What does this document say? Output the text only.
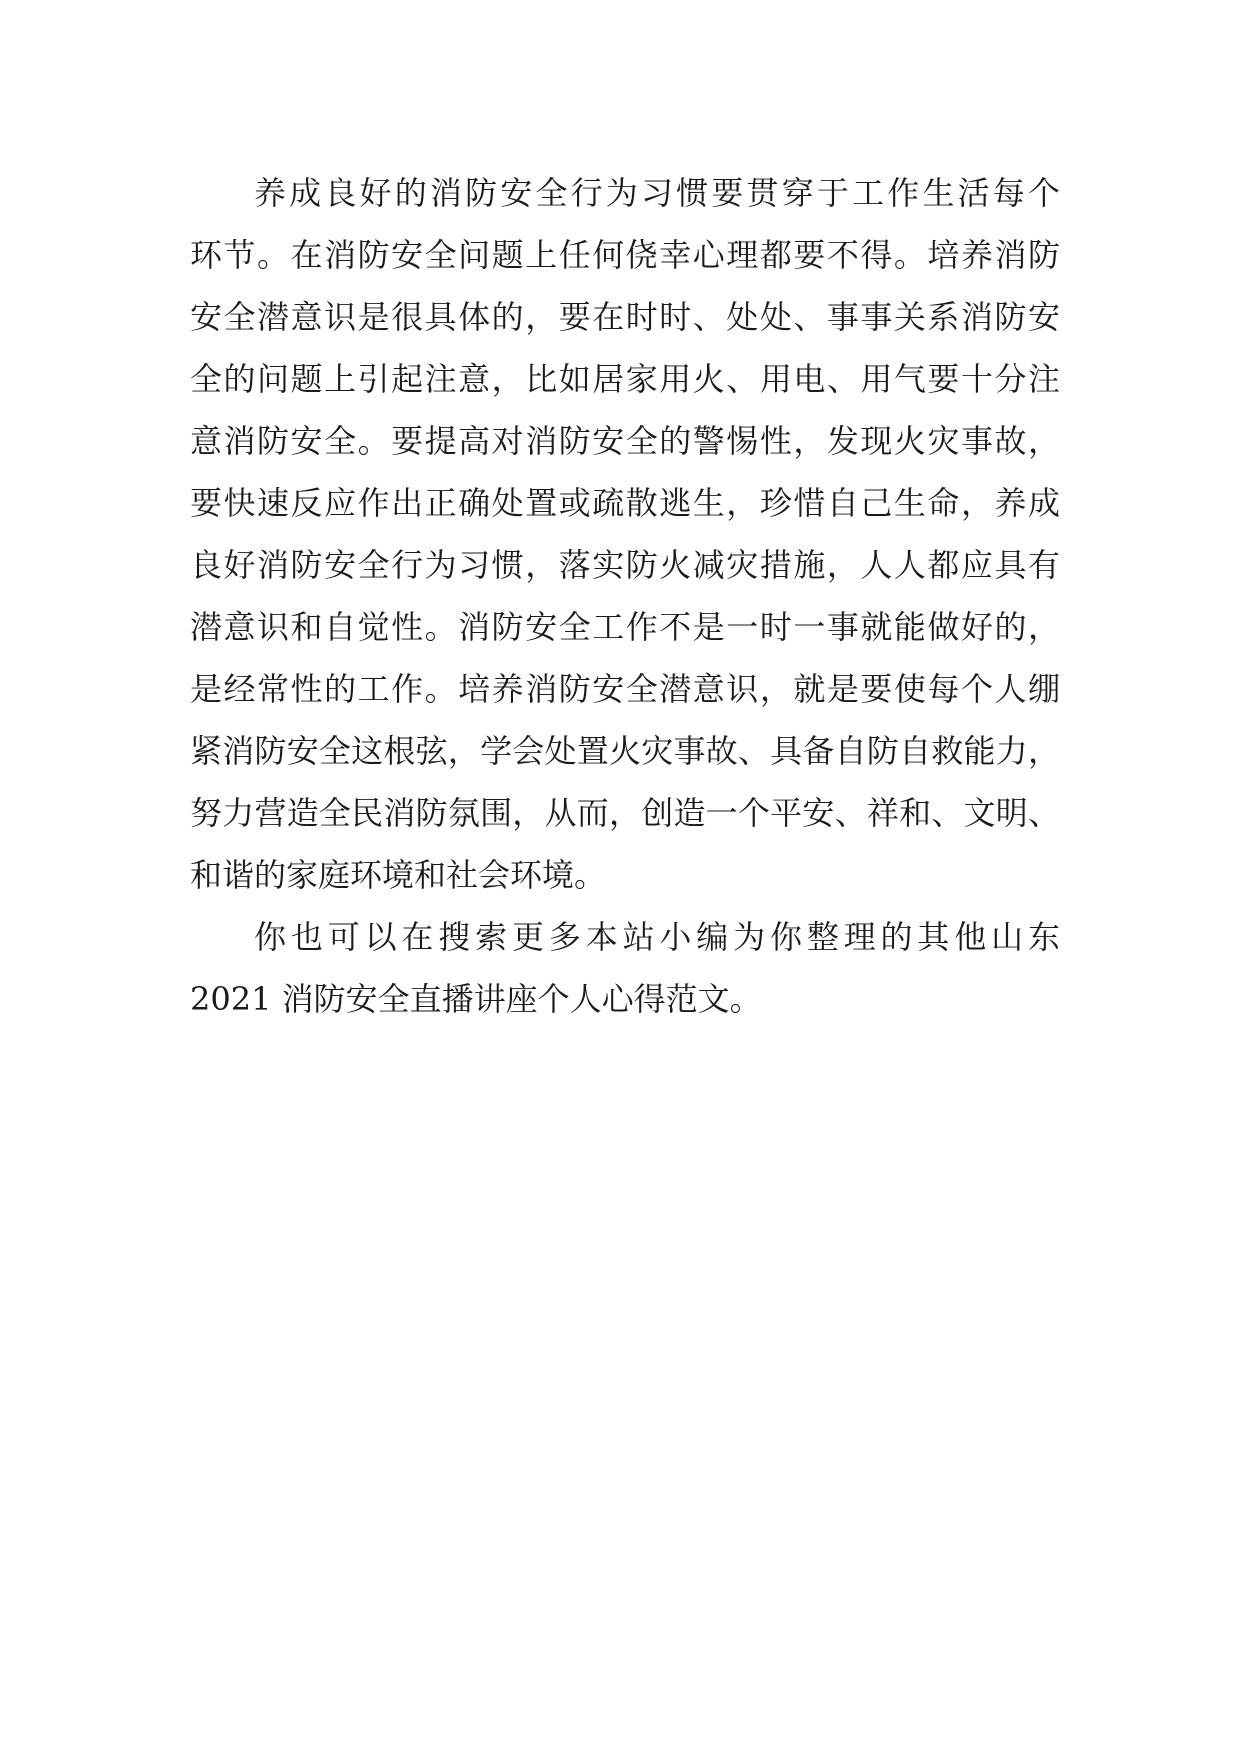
养成良好的消防安全行为习惯要贯穿于工作生活每个
环节。在消防安全问题上任何侥幸心理都要不得。培养消防
安全潜意识是很具体的，要在时时、处处、事事关系消防安
全的问题上引起注意，比如居家用火、用电、用气要十分注
意消防安全。要提高对消防安全的警惕性，发现火灾事故，
要快速反应作出正确处置或疏散逃生，珍惜自己生命，养成
良好消防安全行为习惯，落实防火减灾措施，人人都应具有
潜意识和自觉性。消防安全工作不是一时一事就能做好的，
是经常性的工作。培养消防安全潜意识，就是要使每个人绷
紧消防安全这根弦，学会处置火灾事故、具备自防自救能力，
努力营造全民消防氛围，从而，创造一个平安、祥和、文明、
和谐的家庭环境和社会环境。
你也可以在搜索更多本站小编为你整理的其他山东
2021 消防安全直播讲座个人心得范文。
